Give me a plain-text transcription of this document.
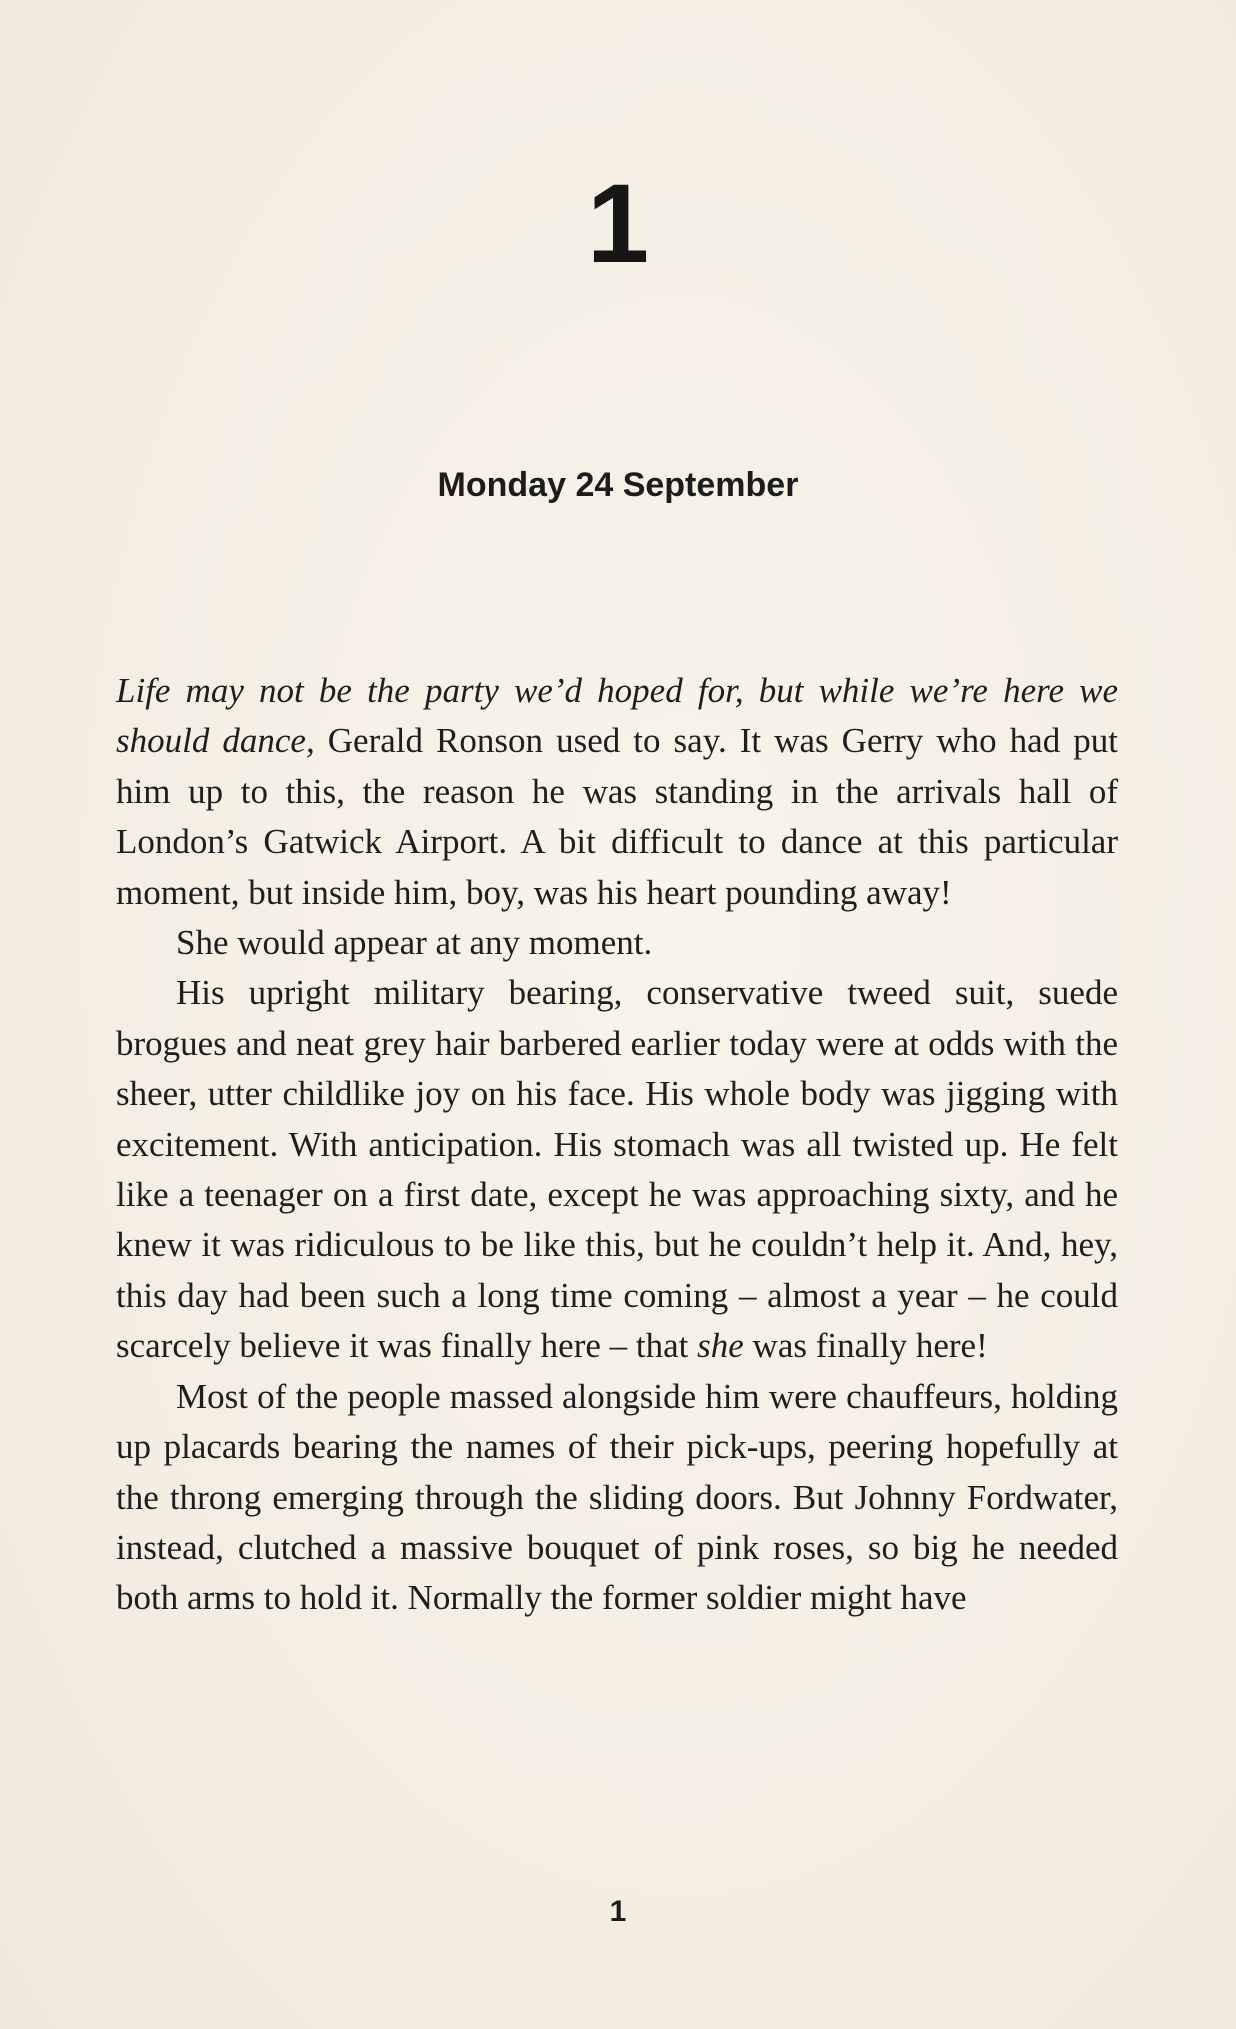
1
Monday 24 September

Life may not be the party we’d hoped for, but while we’re here we should dance, Gerald Ronson used to say. It was Gerry who had put him up to this, the reason he was standing in the arrivals hall of London’s Gatwick Airport. A bit difficult to dance at this particular moment, but inside him, boy, was his heart pounding away!

She would appear at any moment.

His upright military bearing, conservative tweed suit, suede brogues and neat grey hair barbered earlier today were at odds with the sheer, utter childlike joy on his face. His whole body was jigging with excitement. With anticipation. His stomach was all twisted up. He felt like a teenager on a first date, except he was approaching sixty, and he knew it was ridiculous to be like this, but he couldn’t help it. And, hey, this day had been such a long time coming – almost a year – he could scarcely believe it was finally here – that she was finally here!

Most of the people massed alongside him were chauffeurs, holding up placards bearing the names of their pick-ups, peering hopefully at the throng emerging through the sliding doors. But Johnny Fordwater, instead, clutched a massive bouquet of pink roses, so big he needed both arms to hold it. Normally the former soldier might have

1
